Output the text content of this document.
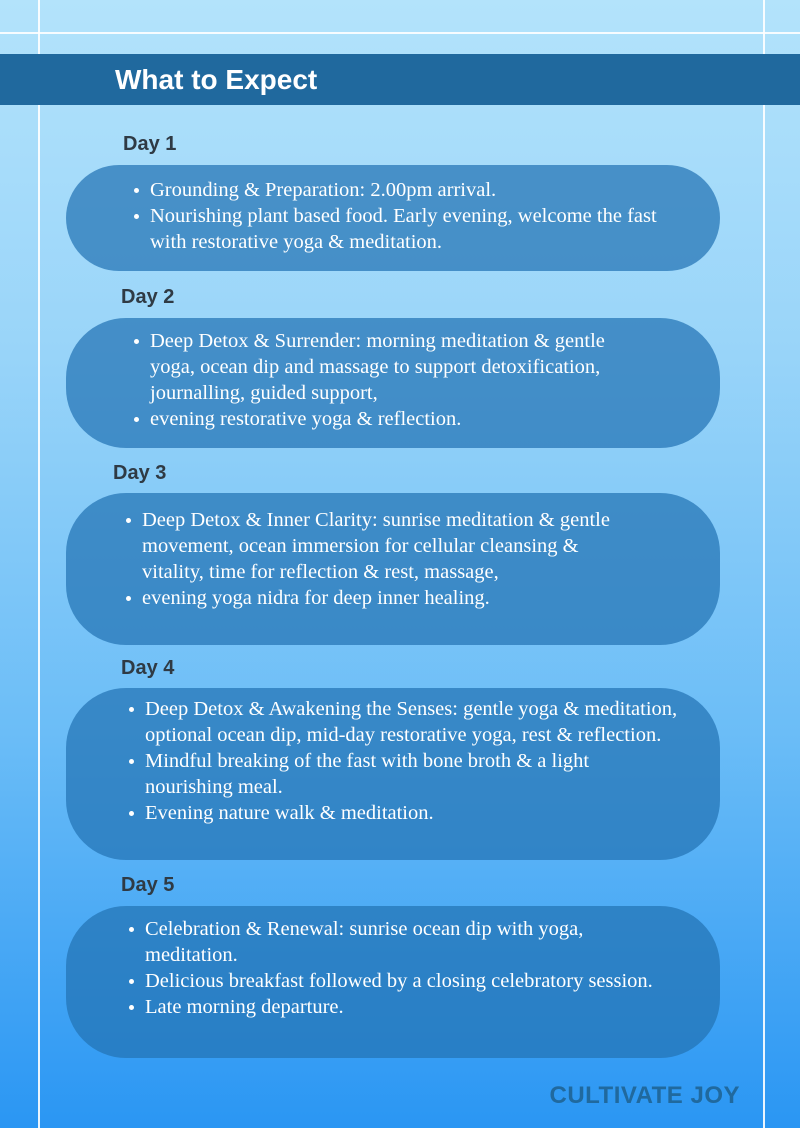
What to Expect
Day 1
Grounding & Preparation: 2.00pm arrival.
Nourishing plant based food. Early evening, welcome the fast with restorative yoga & meditation.
Day 2
Deep Detox & Surrender: morning meditation & gentle yoga, ocean dip and massage to support detoxification, journalling, guided support,
evening restorative yoga & reflection.
Day 3
Deep Detox & Inner Clarity: sunrise meditation & gentle movement, ocean immersion for cellular cleansing & vitality, time for reflection & rest, massage,
evening yoga nidra for deep inner healing.
Day 4
Deep Detox & Awakening the Senses: gentle yoga & meditation, optional ocean dip, mid-day restorative yoga, rest & reflection.
Mindful breaking of the fast with bone broth & a light nourishing meal.
Evening nature walk & meditation.
Day 5
Celebration & Renewal: sunrise ocean dip with yoga, meditation.
Delicious breakfast followed by a closing celebratory session.
Late morning departure.
CULTIVATE JOY
